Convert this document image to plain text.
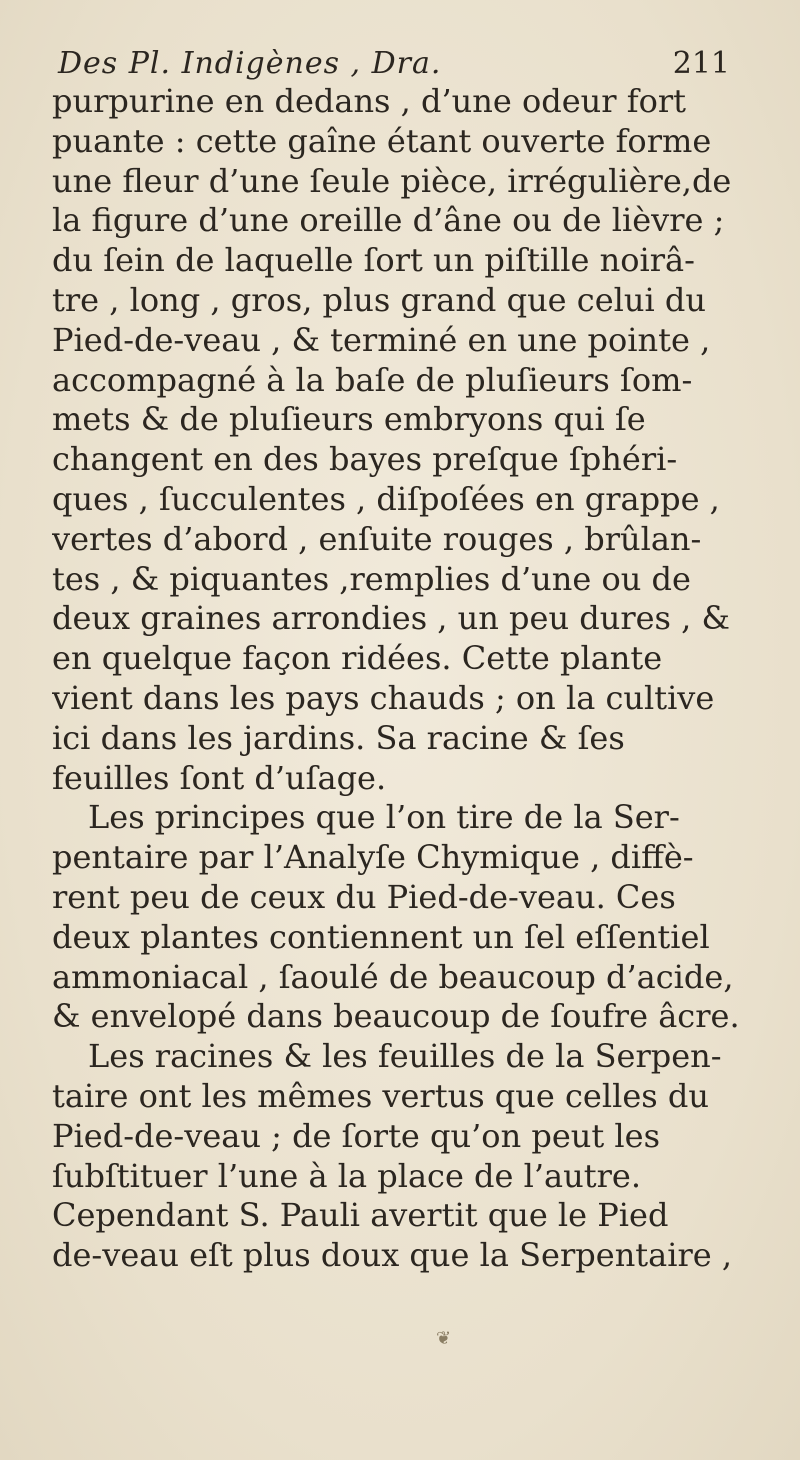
Des Pl. Indigènes , Dra.	211
purpurine en dedans , d’une odeur fort
puante : cette gaîne étant ouverte forme
une fleur d’une ſeule pièce, irrégulière,de
la figure d’une oreille d’âne ou de lièvre ;
du ſein de laquelle ſort un piſtille noirâ-
tre , long , gros, plus grand que celui du
Pied-de-veau , & terminé en une pointe ,
accompagné à la baſe de pluſieurs ſom-
mets & de pluſieurs embryons qui ſe
changent en des bayes preſque ſphéri-
ques , ſucculentes , diſpoſées en grappe ,
vertes d’abord , enſuite rouges , brûlan-
tes , & piquantes ,remplies d’une ou de
deux graines arrondies , un peu dures , &
en quelque façon ridées. Cette plante
vient dans les pays chauds ; on la cultive
ici dans les jardins. Sa racine & ſes
feuilles ſont d’uſage.
Les principes que l’on tire de la Ser-
pentaire par l’Analyſe Chymique , diffè-
rent peu de ceux du Pied-de-veau. Ces
deux plantes contiennent un ſel eſſentiel
ammoniacal , ſaoulé de beaucoup d’acide,
& envelopé dans beaucoup de ſoufre âcre.
Les racines & les feuilles de la Serpen-
taire ont les mêmes vertus que celles du
Pied-de-veau ; de ſorte qu’on peut les
ſubſtituer l’une à la place de l’autre.
Cependant S. Pauli avertit que le Pied
de-veau eſt plus doux que la Serpentaire ,
❦
